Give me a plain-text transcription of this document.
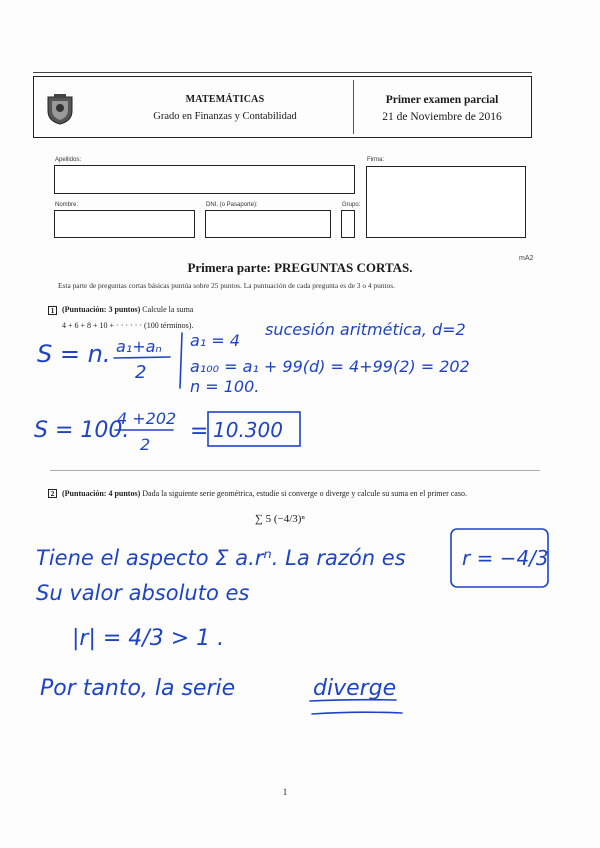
MATEMÁTICAS
Grado en Finanzas y Contabilidad
Primer examen parcial
21 de Noviembre de 2016
Apellidos:	Firma:
Nombre:	DNI. (o Pasaporte):	Grupo:
mA2
Primera parte: PREGUNTAS CORTAS.
Esta parte de preguntas cortas básicas puntúa sobre 25 puntos. La puntuación de cada pregunta es de 3 o 4 puntos.
1 (Puntuación: 3 puntos) Calcule la suma
4 + 6 + 8 + 10 + · · · · · · (100 términos).	sucesión aritmética, d=2
S = n. a₁+aₙ
2
a₁ = 4
a₁₀₀ = a₁ + 99(d) = 4+99(2) = 202
n = 100.
S = 100.
4 +202
2
= 10.300
2 (Puntuación: 4 puntos) Dada la siguiente serie geométrica, estudie si converge o diverge y calcule su suma en el primer caso.
∑ 5 (−4/3)ⁿ
Tiene el aspecto Σ a.rⁿ. La razón es	r = −4/3
Su valor absoluto es
|r| = 4/3 > 1 .
Por tanto, la serie	diverge
1
